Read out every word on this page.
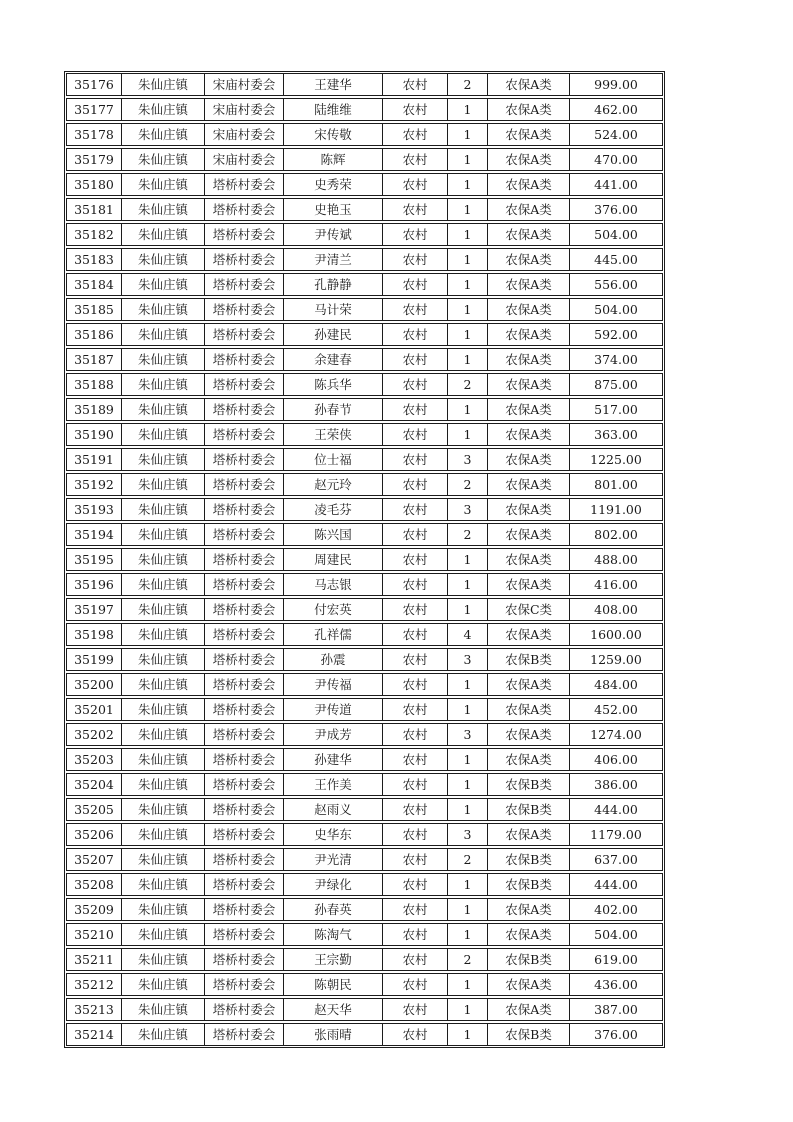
35176	朱仙庄镇	宋庙村委会	王建华	农村	2	农保A类	999.00
35177	朱仙庄镇	宋庙村委会	陆维维	农村	1	农保A类	462.00
35178	朱仙庄镇	宋庙村委会	宋传敬	农村	1	农保A类	524.00
35179	朱仙庄镇	宋庙村委会	陈辉	农村	1	农保A类	470.00
35180	朱仙庄镇	塔桥村委会	史秀荣	农村	1	农保A类	441.00
35181	朱仙庄镇	塔桥村委会	史艳玉	农村	1	农保A类	376.00
35182	朱仙庄镇	塔桥村委会	尹传斌	农村	1	农保A类	504.00
35183	朱仙庄镇	塔桥村委会	尹清兰	农村	1	农保A类	445.00
35184	朱仙庄镇	塔桥村委会	孔静静	农村	1	农保A类	556.00
35185	朱仙庄镇	塔桥村委会	马计荣	农村	1	农保A类	504.00
35186	朱仙庄镇	塔桥村委会	孙建民	农村	1	农保A类	592.00
35187	朱仙庄镇	塔桥村委会	余建春	农村	1	农保A类	374.00
35188	朱仙庄镇	塔桥村委会	陈兵华	农村	2	农保A类	875.00
35189	朱仙庄镇	塔桥村委会	孙春节	农村	1	农保A类	517.00
35190	朱仙庄镇	塔桥村委会	王荣侠	农村	1	农保A类	363.00
35191	朱仙庄镇	塔桥村委会	位士福	农村	3	农保A类	1225.00
35192	朱仙庄镇	塔桥村委会	赵元玲	农村	2	农保A类	801.00
35193	朱仙庄镇	塔桥村委会	凌毛芬	农村	3	农保A类	1191.00
35194	朱仙庄镇	塔桥村委会	陈兴国	农村	2	农保A类	802.00
35195	朱仙庄镇	塔桥村委会	周建民	农村	1	农保A类	488.00
35196	朱仙庄镇	塔桥村委会	马志银	农村	1	农保A类	416.00
35197	朱仙庄镇	塔桥村委会	付宏英	农村	1	农保C类	408.00
35198	朱仙庄镇	塔桥村委会	孔祥儒	农村	4	农保A类	1600.00
35199	朱仙庄镇	塔桥村委会	孙震	农村	3	农保B类	1259.00
35200	朱仙庄镇	塔桥村委会	尹传福	农村	1	农保A类	484.00
35201	朱仙庄镇	塔桥村委会	尹传道	农村	1	农保A类	452.00
35202	朱仙庄镇	塔桥村委会	尹成芳	农村	3	农保A类	1274.00
35203	朱仙庄镇	塔桥村委会	孙建华	农村	1	农保A类	406.00
35204	朱仙庄镇	塔桥村委会	王作美	农村	1	农保B类	386.00
35205	朱仙庄镇	塔桥村委会	赵雨义	农村	1	农保B类	444.00
35206	朱仙庄镇	塔桥村委会	史华东	农村	3	农保A类	1179.00
35207	朱仙庄镇	塔桥村委会	尹光清	农村	2	农保B类	637.00
35208	朱仙庄镇	塔桥村委会	尹绿化	农村	1	农保B类	444.00
35209	朱仙庄镇	塔桥村委会	孙春英	农村	1	农保A类	402.00
35210	朱仙庄镇	塔桥村委会	陈淘气	农村	1	农保A类	504.00
35211	朱仙庄镇	塔桥村委会	王宗勤	农村	2	农保B类	619.00
35212	朱仙庄镇	塔桥村委会	陈朝民	农村	1	农保A类	436.00
35213	朱仙庄镇	塔桥村委会	赵天华	农村	1	农保A类	387.00
35214	朱仙庄镇	塔桥村委会	张雨晴	农村	1	农保B类	376.00
